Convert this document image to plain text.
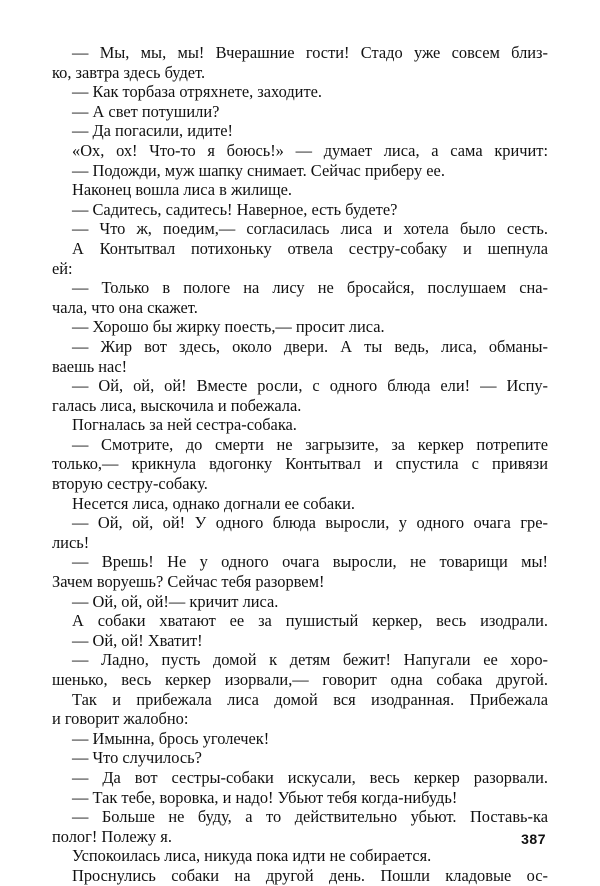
— Мы, мы, мы! Вчерашние гости! Стадо уже совсем близ-
ко, завтра здесь будет.
— Как торбаза отряхнете, заходите.
— А свет потушили?
— Да погасили, идите!
«Ох, ох! Что-то я боюсь!» — думает лиса, а сама кричит:
— Подожди, муж шапку снимает. Сейчас приберу ее.
Наконец вошла лиса в жилище.
— Садитесь, садитесь! Наверное, есть будете?
— Что ж, поедим,— согласилась лиса и хотела было сесть.
А Контытвал потихоньку отвела сестру-собаку и шепнула
ей:
— Только в пологе на лису не бросайся, послушаем сна-
чала, что она скажет.
— Хорошо бы жирку поесть,— просит лиса.
— Жир вот здесь, около двери. А ты ведь, лиса, обманы-
ваешь нас!
— Ой, ой, ой! Вместе росли, с одного блюда ели! — Испу-
галась лиса, выскочила и побежала.
Погналась за ней сестра-собака.
— Смотрите, до смерти не загрызите, за керкер потрепите
только,— крикнула вдогонку Контытвал и спустила с привязи
вторую сестру-собаку.
Несется лиса, однако догнали ее собаки.
— Ой, ой, ой! У одного блюда выросли, у одного очага гре-
лись!
— Врешь! Не у одного очага выросли, не товарищи мы!
Зачем воруешь? Сейчас тебя разорвем!
— Ой, ой, ой!— кричит лиса.
А собаки хватают ее за пушистый керкер, весь изодрали.
— Ой, ой! Хватит!
— Ладно, пусть домой к детям бежит! Напугали ее хоро-
шенько, весь керкер изорвали,— говорит одна собака другой.
Так и прибежала лиса домой вся изодранная. Прибежала
и говорит жалобно:
— Имынна, брось уголечек!
— Что случилось?
— Да вот сестры-собаки искусали, весь керкер разорвали.
— Так тебе, воровка, и надо! Убьют тебя когда-нибудь!
— Больше не буду, а то действительно убьют. Поставь-ка
полог! Полежу я.
Успокоилась лиса, никуда пока идти не собирается.
Проснулись собаки на другой день. Пошли кладовые ос-
387
